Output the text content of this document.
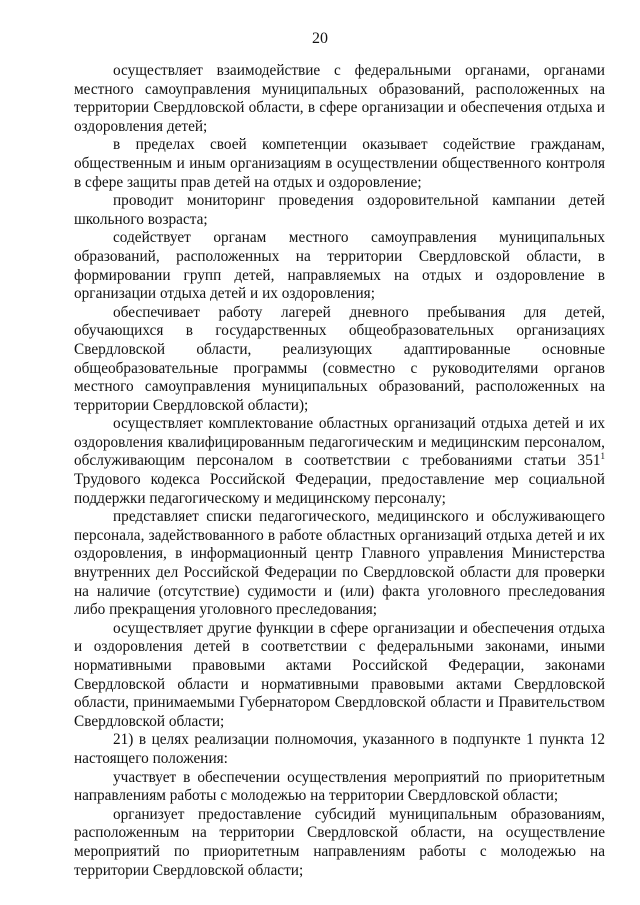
20

осуществляет взаимодействие с федеральными органами, органами местного самоуправления муниципальных образований, расположенных на территории Свердловской области, в сфере организации и обеспечения отдыха и оздоровления детей;

в пределах своей компетенции оказывает содействие гражданам, общественным и иным организациям в осуществлении общественного контроля в сфере защиты прав детей на отдых и оздоровление;

проводит мониторинг проведения оздоровительной кампании детей школьного возраста;

содействует органам местного самоуправления муниципальных образований, расположенных на территории Свердловской области, в формировании групп детей, направляемых на отдых и оздоровление в организации отдыха детей и их оздоровления;

обеспечивает работу лагерей дневного пребывания для детей, обучающихся в государственных общеобразовательных организациях Свердловской области, реализующих адаптированные основные общеобразовательные программы (совместно с руководителями органов местного самоуправления муниципальных образований, расположенных на территории Свердловской области);

осуществляет комплектование областных организаций отдыха детей и их оздоровления квалифицированным педагогическим и медицинским персоналом, обслуживающим персоналом в соответствии с требованиями статьи $351^1$ Трудового кодекса Российской Федерации, предоставление мер социальной поддержки педагогическому и медицинскому персоналу;

представляет списки педагогического, медицинского и обслуживающего персонала, задействованного в работе областных организаций отдыха детей и их оздоровления, в информационный центр Главного управления Министерства внутренних дел Российской Федерации по Свердловской области для проверки на наличие (отсутствие) судимости и (или) факта уголовного преследования либо прекращения уголовного преследования;

осуществляет другие функции в сфере организации и обеспечения отдыха и оздоровления детей в соответствии с федеральными законами, иными нормативными правовыми актами Российской Федерации, законами Свердловской области и нормативными правовыми актами Свердловской области, принимаемыми Губернатором Свердловской области и Правительством Свердловской области;

21) в целях реализации полномочия, указанного в подпункте 1 пункта 12 настоящего положения:

участвует в обеспечении осуществления мероприятий по приоритетным направлениям работы с молодежью на территории Свердловской области;

организует предоставление субсидий муниципальным образованиям, расположенным на территории Свердловской области, на осуществление мероприятий по приоритетным направлениям работы с молодежью на территории Свердловской области;
